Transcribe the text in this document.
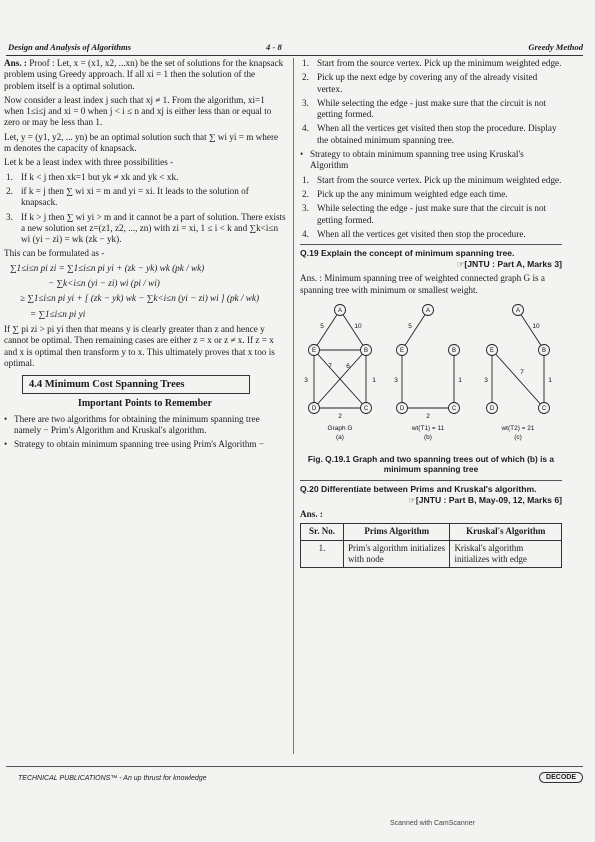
Design and Analysis of Algorithms	4 - 8	Greedy Method

Ans. : Proof : Let, x = (x1, x2, ...xn) be the set of solutions for the knapsack problem using Greedy approach. If all xi = 1 then the solution of the problem itself is a optimal solution.

Now consider a least index j such that xj ≠ 1. From the algorithm, xi=1 when 1≤i≤j and xi = 0 when j < i ≤ n and xj is either less than or equal to zero or may be less than 1.

Let, y = (y1, y2, ... yn) be an optimal solution such that ∑ wi yi = m where m denotes the capacity of knapsack.

Let k be a least index with three possibilities -

1. If k < j then xk=1 but yk ≠ xk and yk < xk.
2. if k = j then ∑ wi xi = m and yi = xi. It leads to the solution of knapsack.
3. If k > j then ∑ wi yi > m and it cannot be a part of solution. There exists a new solution set z=(z1, z2, ..., zn) with zi = xi, 1 ≤ i < k and ∑k<i≤n wi (yi − zi) = wk (zk − yk).

This can be formulated as -

∑1≤i≤n pi zi = ∑1≤i≤n pi yi + (zk − yk) wk (pk / wk)
− ∑k<i≤n (yi − zi) wi (pi / wi)
≥ ∑1≤i≤n pi yi + [ (zk − yk) wk − ∑k<i≤n (yi − zi) wi ] (pk / wk)
= ∑1≤i≤n pi yi

If ∑ pi zi > pi yi then that means y is clearly greater than z and hence y cannot be optimal. Then remaining cases are either z = x or z ≠ x. If z = x and x is optimal then transform y to x. This ultimately proves that x too is optimal.

4.4 Minimum Cost Spanning Trees
Important Points to Remember
• There are two algorithms for obtaining the minimum spanning tree namely − Prim's Algorithm and Kruskal's algorithm.
• Strategy to obtain minimum spanning tree using Prim's Algorithm −
1. Start from the source vertex. Pick up the minimum weighted edge.
2. Pick up the next edge by covering any of the already visited vertex.
3. While selecting the edge - just make sure that the circuit is not getting formed.
4. When all the vertices get visited then stop the procedure. Display the obtained minimum spanning tree.
• Strategy to obtain minimum spanning tree using Kruskal's Algorithm
1. Start from the source vertex. Pick up the minimum weighted edge.
2. Pick up the any minimum weighted edge each time.
3. While selecting the edge - just make sure that the circuit is not getting formed.
4. When all the vertices get visited then stop the procedure.
Q.19 Explain the concept of minimum spanning tree.
☞[JNTU : Part A, Marks 3]

Ans. : Minimum spanning tree of weighted connected graph G is a spanning tree with minimum or smallest weight.

A
E	B
D	C
A
E	B
D	C
A
E	B
D	C
5	10
3	1
2
7 6
5
3	1
2
10
3	1
7
Graph G
(a)
wt(T1) = 11
(b)
wt(T2) = 21
(c)
Fig. Q.19.1 Graph and two spanning trees out of which (b) is a minimum spanning tree
Q.20 Differentiate between Prims and Kruskal's algorithm.
☞[JNTU : Part B, May-09, 12, Marks 6]

Ans. :

Sr. No.	Prims Algorithm	Kruskal's Algorithm
1.	Prim's algorithm initializes with node	Kriskal's algorithm initializes with edge
TECHNICAL PUBLICATIONS™ - An up thrust for knowledge	DECODE
Scanned with CamScanner
